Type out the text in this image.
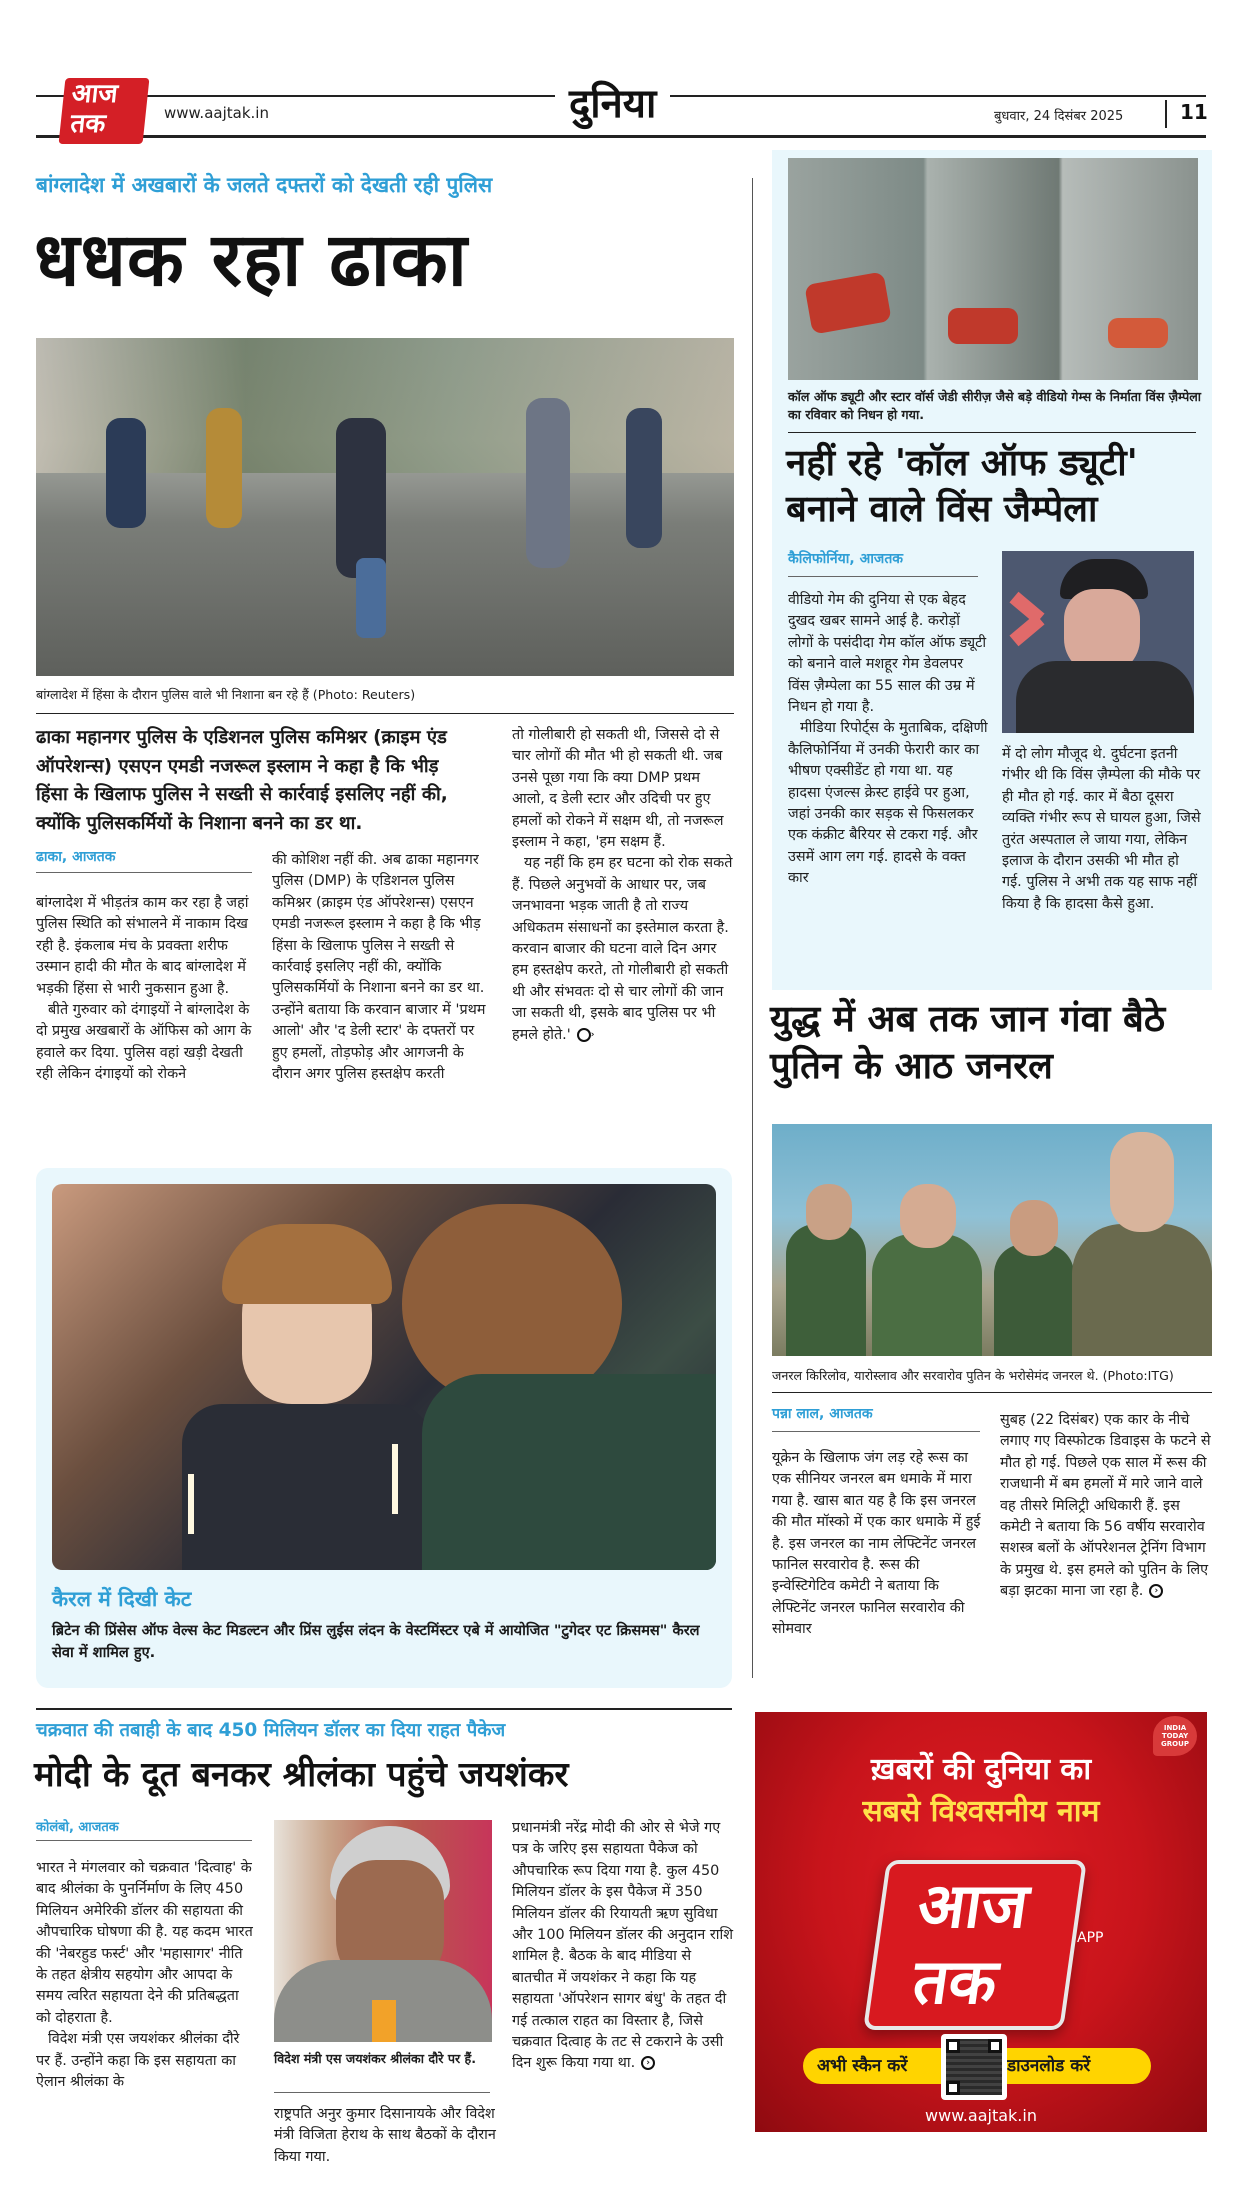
आज
तक	www.aajtak.in	दुनिया	बुधवार, 24 दिसंबर 2025	11
बांग्लादेश में अखबारों के जलते दफ्तरों को देखती रही पुलिस
धधक रहा ढाका
बांग्लादेश में हिंसा के दौरान पुलिस वाले भी निशाना बन रहे हैं (Photo: Reuters)
ढाका महानगर पुलिस के एडिशनल पुलिस कमिश्नर (क्राइम एंड ऑपरेशन्स) एसएन एमडी नजरूल इस्लाम ने कहा है कि भीड़ हिंसा के खिलाफ पुलिस ने सख्ती से कार्रवाई इसलिए नहीं की, क्योंकि पुलिसकर्मियों के निशाना बनने का डर था.
ढाका, आजतक

बांग्लादेश में भीड़तंत्र काम कर रहा है जहां पुलिस स्थिति को संभालने में नाकाम दिख रही है. इंकलाब मंच के प्रवक्ता शरीफ उस्मान हादी की मौत के बाद बांग्लादेश में भड़की हिंसा से भारी नुकसान हुआ है.

बीते गुरुवार को दंगाइयों ने बांग्लादेश के दो प्रमुख अखबारों के ऑफिस को आग के हवाले कर दिया. पुलिस वहां खड़ी देखती रही लेकिन दंगाइयों को रोकने

की कोशिश नहीं की. अब ढाका महानगर पुलिस (DMP) के एडिशनल पुलिस कमिश्नर (क्राइम एंड ऑपरेशन्स) एसएन एमडी नजरूल इस्लाम ने कहा है कि भीड़ हिंसा के खिलाफ पुलिस ने सख्ती से कार्रवाई इसलिए नहीं की, क्योंकि पुलिसकर्मियों के निशाना बनने का डर था. उन्होंने बताया कि करवान बाजार में 'प्रथम आलो' और 'द डेली स्टार' के दफ्तरों पर हुए हमलों, तोड़फोड़ और आगजनी के दौरान अगर पुलिस हस्तक्षेप करती

तो गोलीबारी हो सकती थी, जिससे दो से चार लोगों की मौत भी हो सकती थी. जब उनसे पूछा गया कि क्या DMP प्रथम आलो, द डेली स्टार और उदिची पर हुए हमलों को रोकने में सक्षम थी, तो नजरूल इस्लाम ने कहा, 'हम सक्षम हैं.

यह नहीं कि हम हर घटना को रोक सकते हैं. पिछले अनुभवों के आधार पर, जब जनभावना भड़क जाती है तो राज्य अधिकतम संसाधनों का इस्तेमाल करता है. करवान बाजार की घटना वाले दिन अगर हम हस्तक्षेप करते, तो गोलीबारी हो सकती थी और संभवतः दो से चार लोगों की जान जा सकती थी, इसके बाद पुलिस पर भी हमले होते.' ›

कैरल में दिखी केट
ब्रिटेन की प्रिंसेस ऑफ वेल्स केट मिडल्टन और प्रिंस लुईस लंदन के वेस्टमिंस्टर एबे में आयोजित "टुगेदर एट क्रिसमस" कैरल सेवा में शामिल हुए.
कॉल ऑफ ड्यूटी और स्टार वॉर्स जेडी सीरीज़ जैसे बड़े वीडियो गेम्स के निर्माता विंस ज़ैम्पेला का रविवार को निधन हो गया.
नहीं रहे 'कॉल ऑफ ड्यूटी' बनाने वाले विंस जैम्पेला
कैलिफोर्निया, आजतक

वीडियो गेम की दुनिया से एक बेहद दुखद खबर सामने आई है. करोड़ों लोगों के पसंदीदा गेम कॉल ऑफ ड्यूटी को बनाने वाले मशहूर गेम डेवलपर विंस ज़ैम्पेला का 55 साल की उम्र में निधन हो गया है.

मीडिया रिपोर्ट्स के मुताबिक, दक्षिणी कैलिफोर्निया में उनकी फेरारी कार का भीषण एक्सीडेंट हो गया था. यह हादसा एंजल्स क्रेस्ट हाईवे पर हुआ, जहां उनकी कार सड़क से फिसलकर एक कंक्रीट बैरियर से टकरा गई. और उसमें आग लग गई. हादसे के वक्त कार

में दो लोग मौजूद थे. दुर्घटना इतनी गंभीर थी कि विंस ज़ैम्पेला की मौके पर ही मौत हो गई. कार में बैठा दूसरा व्यक्ति गंभीर रूप से घायल हुआ, जिसे तुरंत अस्पताल ले जाया गया, लेकिन इलाज के दौरान उसकी भी मौत हो गई. पुलिस ने अभी तक यह साफ नहीं किया है कि हादसा कैसे हुआ.

युद्ध में अब तक जान गंवा बैठे पुतिन के आठ जनरल
जनरल किरिलोव, यारोस्लाव और सरवारोव पुतिन के भरोसेमंद जनरल थे. (Photo:ITG)
पन्ना लाल, आजतक

यूक्रेन के खिलाफ जंग लड़ रहे रूस का एक सीनियर जनरल बम धमाके में मारा गया है. खास बात यह है कि इस जनरल की मौत मॉस्को में एक कार धमाके में हुई है. इस जनरल का नाम लेफ्टिनेंट जनरल फानिल सरवारोव है. रूस की इन्वेस्टिगेटिव कमेटी ने बताया कि लेफ्टिनेंट जनरल फानिल सरवारोव की सोमवार

सुबह (22 दिसंबर) एक कार के नीचे लगाए गए विस्फोटक डिवाइस के फटने से मौत हो गई. पिछले एक साल में रूस की राजधानी में बम हमलों में मारे जाने वाले वह तीसरे मिलिट्री अधिकारी हैं. इस कमेटी ने बताया कि 56 वर्षीय सरवारोव सशस्त्र बलों के ऑपरेशनल ट्रेनिंग विभाग के प्रमुख थे. इस हमले को पुतिन के लिए बड़ा झटका माना जा रहा है. ›

चक्रवात की तबाही के बाद 450 मिलियन डॉलर का दिया राहत पैकेज
मोदी के दूत बनकर श्रीलंका पहुंचे जयशंकर
कोलंबो, आजतक

भारत ने मंगलवार को चक्रवात 'दित्वाह' के बाद श्रीलंका के पुनर्निर्माण के लिए 450 मिलियन अमेरिकी डॉलर की सहायता की औपचारिक घोषणा की है. यह कदम भारत की 'नेबरहुड फर्स्ट' और 'महासागर' नीति के तहत क्षेत्रीय सहयोग और आपदा के समय त्वरित सहायता देने की प्रतिबद्धता को दोहराता है.

विदेश मंत्री एस जयशंकर श्रीलंका दौरे पर हैं. उन्होंने कहा कि इस सहायता का ऐलान श्रीलंका के

विदेश मंत्री एस जयशंकर श्रीलंका दौरे पर हैं.

राष्ट्रपति अनुर कुमार दिसानायके और विदेश मंत्री विजिता हेराथ के साथ बैठकों के दौरान किया गया.

प्रधानमंत्री नरेंद्र मोदी की ओर से भेजे गए पत्र के जरिए इस सहायता पैकेज को औपचारिक रूप दिया गया है. कुल 450 मिलियन डॉलर के इस पैकेज में 350 मिलियन डॉलर की रियायती ऋण सुविधा और 100 मिलियन डॉलर की अनुदान राशि शामिल है. बैठक के बाद मीडिया से बातचीत में जयशंकर ने कहा कि यह सहायता 'ऑपरेशन सागर बंधु' के तहत दी गई तत्काल राहत का विस्तार है, जिसे चक्रवात दित्वाह के तट से टकराने के उसी दिन शुरू किया गया था. ›

INDIA TODAY GROUP
ख़बरों की दुनिया का
सबसे विश्वसनीय नाम
आज
तक
APP
अभी स्कैन करें	डाउनलोड करें
www.aajtak.in
